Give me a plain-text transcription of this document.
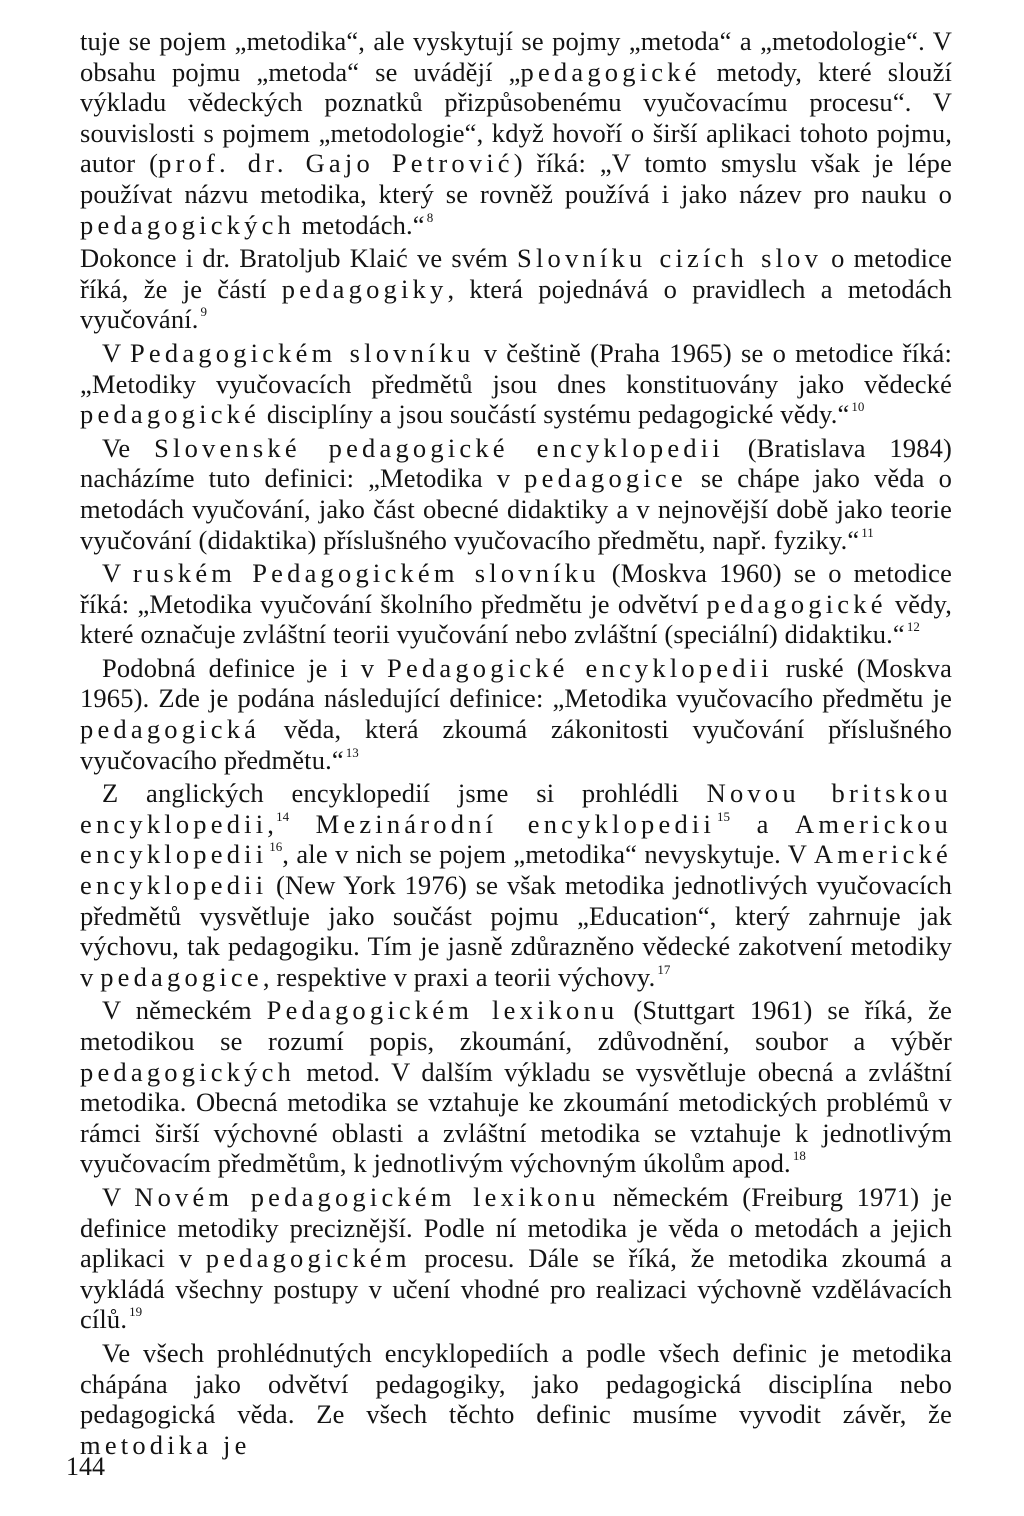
tuje se pojem „metodika“, ale vyskytují se pojmy „metoda“ a „metodologie“. V obsahu pojmu „metoda“ se uvádějí „pedagogické metody, které slouží výkladu vědeckých poznatků přizpůsobenému vyučovacímu procesu“. V souvislosti s pojmem „metodologie“, když hovoří o širší aplikaci tohoto pojmu, autor (prof. dr. Gajo Petrović) říká: „V tomto smyslu však je lépe používat názvu metodika, který se rovněž používá i jako název pro nauku o pedagogických metodách.“ $^8$

Dokonce i dr. Bratoljub Klaić ve svém Slovníku cizích slov o metodice říká, že je částí pedagogiky, která pojednává o pravidlech a metodách vyučování. $^9$

V Pedagogickém slovníku v češtině (Praha 1965) se o metodice říká: „Metodiky vyučovacích předmětů jsou dnes konstituovány jako vědecké pedagogické disciplíny a jsou součástí systému pedagogické vědy.“ $^{10}$

Ve Slovenské pedagogické encyklopedii (Bratislava 1984) nacházíme tuto definici: „Metodika v pedagogice se chápe jako věda o metodách vyučování, jako část obecné didaktiky a v nejnovější době jako teorie vyučování (didaktika) příslušného vyučovacího předmětu, např. fyziky.“ $^{11}$

V ruském Pedagogickém slovníku (Moskva 1960) se o metodice říká: „Metodika vyučování školního předmětu je odvětví pedagogické vědy, které označuje zvláštní teorii vyučování nebo zvláštní (speciální) didaktiku.“ $^{12}$

Podobná definice je i v Pedagogické encyklopedii ruské (Moskva 1965). Zde je podána následující definice: „Metodika vyučovacího předmětu je pedagogická věda, která zkoumá zákonitosti vyučování příslušného vyučovacího předmětu.“ $^{13}$

Z anglických encyklopedií jsme si prohlédli Novou britskou encyklopedii, $^{14}$ Mezinárodní encyklopedii $^{15}$ a Americkou encyklopedii $^{16}$, ale v nich se pojem „metodika“ nevyskytuje. V Americké encyklopedii (New York 1976) se však metodika jednotlivých vyučovacích předmětů vysvětluje jako součást pojmu „Education“, který zahrnuje jak výchovu, tak pedagogiku. Tím je jasně zdůrazněno vědecké zakotvení metodiky v pedagogice, respektive v praxi a teorii výchovy. $^{17}$

V německém Pedagogickém lexikonu (Stuttgart 1961) se říká, že metodikou se rozumí popis, zkoumání, zdůvodnění, soubor a výběr pedagogických metod. V dalším výkladu se vysvětluje obecná a zvláštní metodika. Obecná metodika se vztahuje ke zkoumání metodických problémů v rámci širší výchovné oblasti a zvláštní metodika se vztahuje k jednotlivým vyučovacím předmětům, k jednotlivým výchovným úkolům apod. $^{18}$

V Novém pedagogickém lexikonu německém (Freiburg 1971) je definice metodiky preciznější. Podle ní metodika je věda o metodách a jejich aplikaci v pedagogickém procesu. Dále se říká, že metodika zkoumá a vykládá všechny postupy v učení vhodné pro realizaci výchovně vzdělávacích cílů. $^{19}$

Ve všech prohlédnutých encyklopediích a podle všech definic je metodika chápána jako odvětví pedagogiky, jako pedagogická disciplína nebo pedagogická věda. Ze všech těchto definic musíme vyvodit závěr, že metodika je

144
